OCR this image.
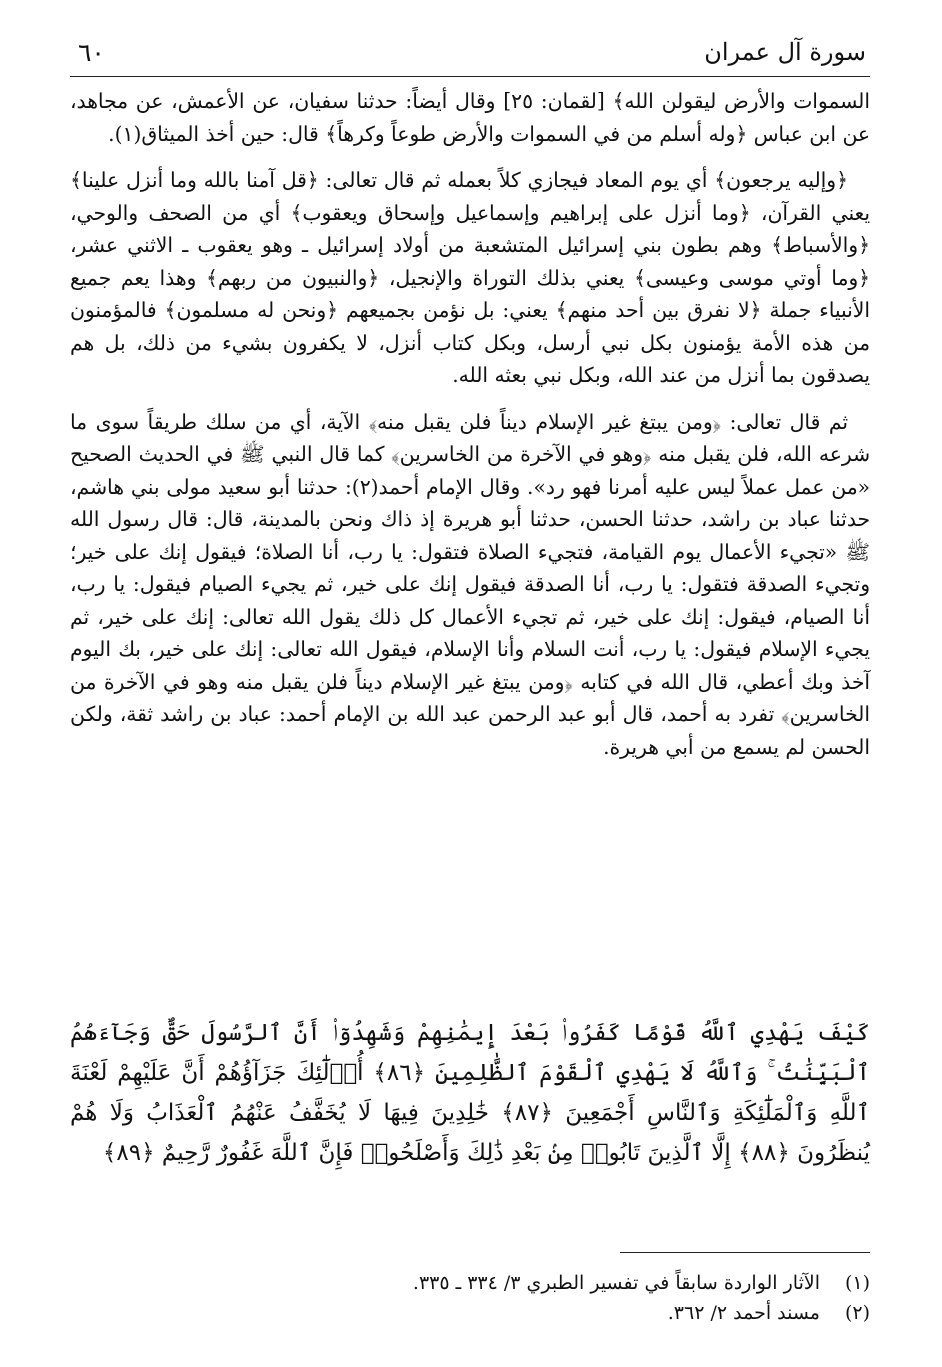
سورة آل عمران
٦٠

السموات والأرض ليقولن الله﴾ [لقمان: ٢٥] وقال أيضاً: حدثنا سفيان، عن الأعمش، عن مجاهد، عن ابن عباس ﴿وله أسلم من في السموات والأرض طوعاً وكرهاً﴾ قال: حين أخذ الميثاق(١).

﴿وإليه يرجعون﴾ أي يوم المعاد فيجازي كلاً بعمله ثم قال تعالى: ﴿قل آمنا بالله وما أنزل علينا﴾ يعني القرآن، ﴿وما أنزل على إبراهيم وإسماعيل وإسحاق ويعقوب﴾ أي من الصحف والوحي، ﴿والأسباط﴾ وهم بطون بني إسرائيل المتشعبة من أولاد إسرائيل ـ وهو يعقوب ـ الاثني عشر، ﴿وما أوتي موسى وعيسى﴾ يعني بذلك التوراة والإنجيل، ﴿والنبيون من ربهم﴾ وهذا يعم جميع الأنبياء جملة ﴿لا نفرق بين أحد منهم﴾ يعني: بل نؤمن بجميعهم ﴿ونحن له مسلمون﴾ فالمؤمنون من هذه الأمة يؤمنون بكل نبي أرسل، وبكل كتاب أنزل، لا يكفرون بشيء من ذلك، بل هم يصدقون بما أنزل من عند الله، وبكل نبي بعثه الله.

ثم قال تعالى: ﴿ومن يبتغ غير الإسلام ديناً فلن يقبل منه﴾ الآية، أي من سلك طريقاً سوى ما شرعه الله، فلن يقبل منه ﴿وهو في الآخرة من الخاسرين﴾ كما قال النبي ﷺ في الحديث الصحيح «من عمل عملاً ليس عليه أمرنا فهو رد». وقال الإمام أحمد(٢): حدثنا أبو سعيد مولى بني هاشم، حدثنا عباد بن راشد، حدثنا الحسن، حدثنا أبو هريرة إذ ذاك ونحن بالمدينة، قال: قال رسول الله ﷺ «تجيء الأعمال يوم القيامة، فتجيء الصلاة فتقول: يا رب، أنا الصلاة؛ فيقول إنك على خير؛ وتجيء الصدقة فتقول: يا رب، أنا الصدقة فيقول إنك على خير، ثم يجيء الصيام فيقول: يا رب، أنا الصيام، فيقول: إنك على خير، ثم تجيء الأعمال كل ذلك يقول الله تعالى: إنك على خير، ثم يجيء الإسلام فيقول: يا رب، أنت السلام وأنا الإسلام، فيقول الله تعالى: إنك على خير، بك اليوم آخذ وبك أعطي، قال الله في كتابه ﴿ومن يبتغ غير الإسلام ديناً فلن يقبل منه وهو في الآخرة من الخاسرين﴾ تفرد به أحمد، قال أبو عبد الرحمن عبد الله بن الإمام أحمد: عباد بن راشد ثقة، ولكن الحسن لم يسمع من أبي هريرة.

كَيْفَ يَهْدِي ٱللَّهُ قَوْمًا كَفَرُوا۟ بَعْدَ إِيمَٰنِهِمْ وَشَهِدُوٓا۟ أَنَّ ٱلرَّسُولَ حَقٌّ وَجَآءَهُمُ ٱلْبَيِّنَٰتُ ۚ وَٱللَّهُ لَا يَهْدِي ٱلْقَوْمَ ٱلظَّٰلِمِينَ ﴿٨٦﴾ أُو۟لَٰٓئِكَ جَزَآؤُهُمْ أَنَّ عَلَيْهِمْ لَعْنَةَ ٱللَّهِ وَٱلْمَلَٰٓئِكَةِ وَٱلنَّاسِ أَجْمَعِينَ ﴿٨٧﴾ خَٰلِدِينَ فِيهَا لَا يُخَفَّفُ عَنْهُمُ ٱلْعَذَابُ وَلَا هُمْ يُنظَرُونَ ﴿٨٨﴾ إِلَّا ٱلَّذِينَ تَابُوا۟ مِنۢ بَعْدِ ذَٰلِكَ وَأَصْلَحُوا۟ فَإِنَّ ٱللَّهَ غَفُورٌ رَّحِيمٌ ﴿٨٩﴾
(١)
الآثار الواردة سابقاً في تفسير الطبري ٣/ ٣٣٤ ـ ٣٣٥.
(٢)
مسند أحمد ٢/ ٣٦٢.
